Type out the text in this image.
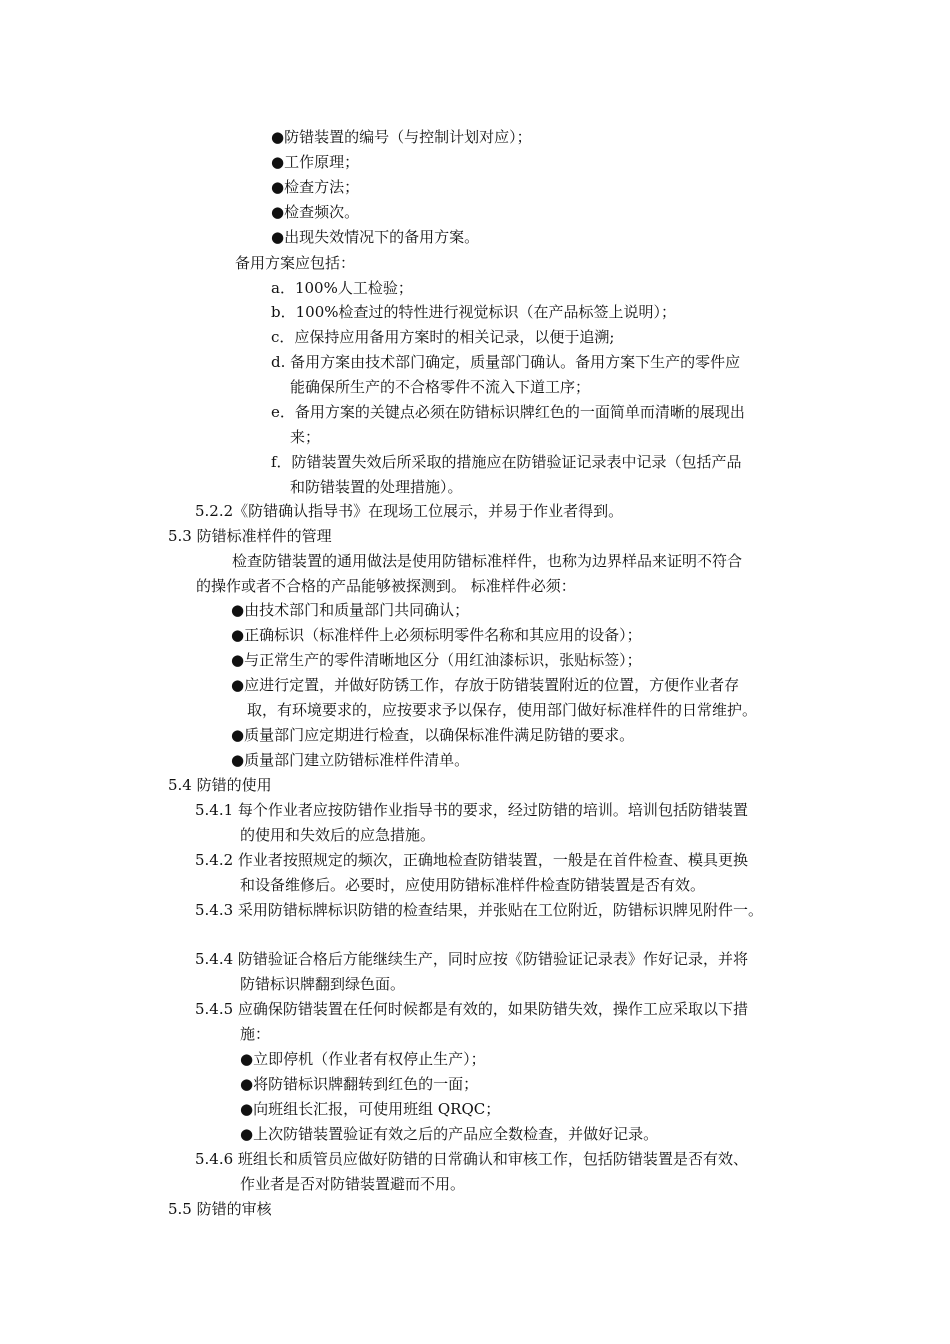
●防错装置的编号（与控制计划对应）；
●工作原理；
●检查方法；
●检查频次。
●出现失效情况下的备用方案。
备用方案应包括：
a．100%人工检验；
b．100%检查过的特性进行视觉标识（在产品标签上说明）；
c．应保持应用备用方案时的相关记录，以便于追溯;
d. 备用方案由技术部门确定，质量部门确认。备用方案下生产的零件应
能确保所生产的不合格零件不流入下道工序；
e．备用方案的关键点必须在防错标识牌红色的一面简单而清晰的展现出
来；
f．防错装置失效后所采取的措施应在防错验证记录表中记录（包括产品
和防错装置的处理措施）。
5.2.2《防错确认指导书》在现场工位展示，并易于作业者得到。
5.3 防错标准样件的管理
检查防错装置的通用做法是使用防错标准样件，也称为边界样品来证明不符合
的操作或者不合格的产品能够被探测到。 标准样件必须：
●由技术部门和质量部门共同确认；
●正确标识（标准样件上必须标明零件名称和其应用的设备）；
●与正常生产的零件清晰地区分（用红油漆标识，张贴标签）；
●应进行定置，并做好防锈工作，存放于防错装置附近的位置，方便作业者存
取，有环境要求的，应按要求予以保存，使用部门做好标准样件的日常维护。
●质量部门应定期进行检查，以确保标准件满足防错的要求。
●质量部门建立防错标准样件清单。
5.4 防错的使用
5.4.1 每个作业者应按防错作业指导书的要求，经过防错的培训。培训包括防错装置
的使用和失效后的应急措施。
5.4.2 作业者按照规定的频次，正确地检查防错装置，一般是在首件检查、模具更换
和设备维修后。必要时，应使用防错标准样件检查防错装置是否有效。
5.4.3 采用防错标牌标识防错的检查结果，并张贴在工位附近，防错标识牌见附件一。
5.4.4 防错验证合格后方能继续生产，同时应按《防错验证记录表》作好记录，并将
防错标识牌翻到绿色面。
5.4.5 应确保防错装置在任何时候都是有效的，如果防错失效，操作工应采取以下措
施：
●立即停机（作业者有权停止生产）；
●将防错标识牌翻转到红色的一面；
●向班组长汇报，可使用班组 QRQC；
●上次防错装置验证有效之后的产品应全数检查，并做好记录。
5.4.6 班组长和质管员应做好防错的日常确认和审核工作，包括防错装置是否有效、
作业者是否对防错装置避而不用。
5.5 防错的审核
